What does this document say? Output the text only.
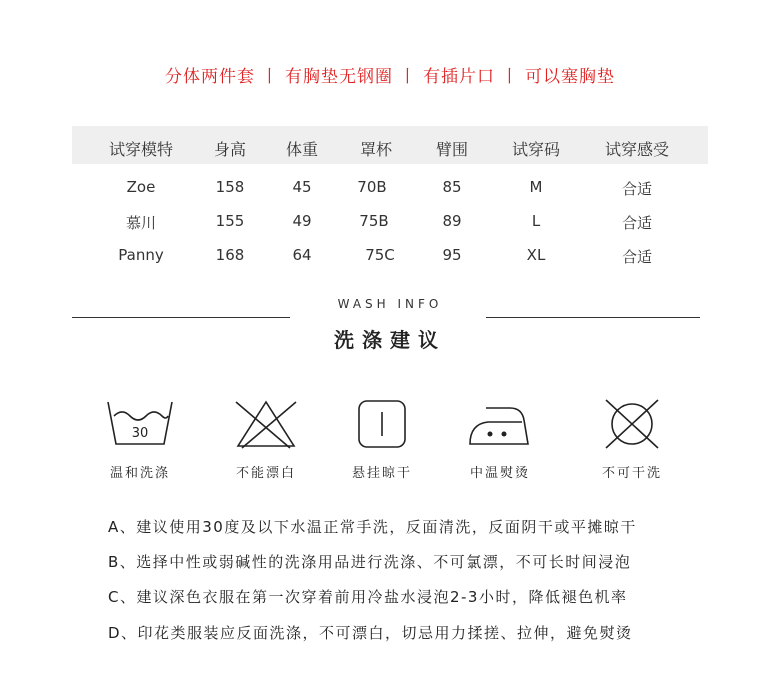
分体两件套 丨 有胸垫无钢圈 丨 有插片口 丨 可以塞胸垫
试穿模特	身高	体重	罩杯	臂围	试穿码	试穿感受
Zoe	158	45	70B	85	M	合适
慕川	155	49	75B	89	L	合适
Panny	168	64	75C	95	XL	合适
WASH INFO
洗涤建议
30
温和洗涤	不能漂白	悬挂晾干	中温熨烫	不可干洗
A、建议使用30度及以下水温正常手洗，反面清洗，反面阴干或平摊晾干
B、选择中性或弱碱性的洗涤用品进行洗涤、不可氯漂，不可长时间浸泡
C、建议深色衣服在第一次穿着前用冷盐水浸泡2-3小时，降低褪色机率
D、印花类服装应反面洗涤，不可漂白，切忌用力揉搓、拉伸，避免熨烫
